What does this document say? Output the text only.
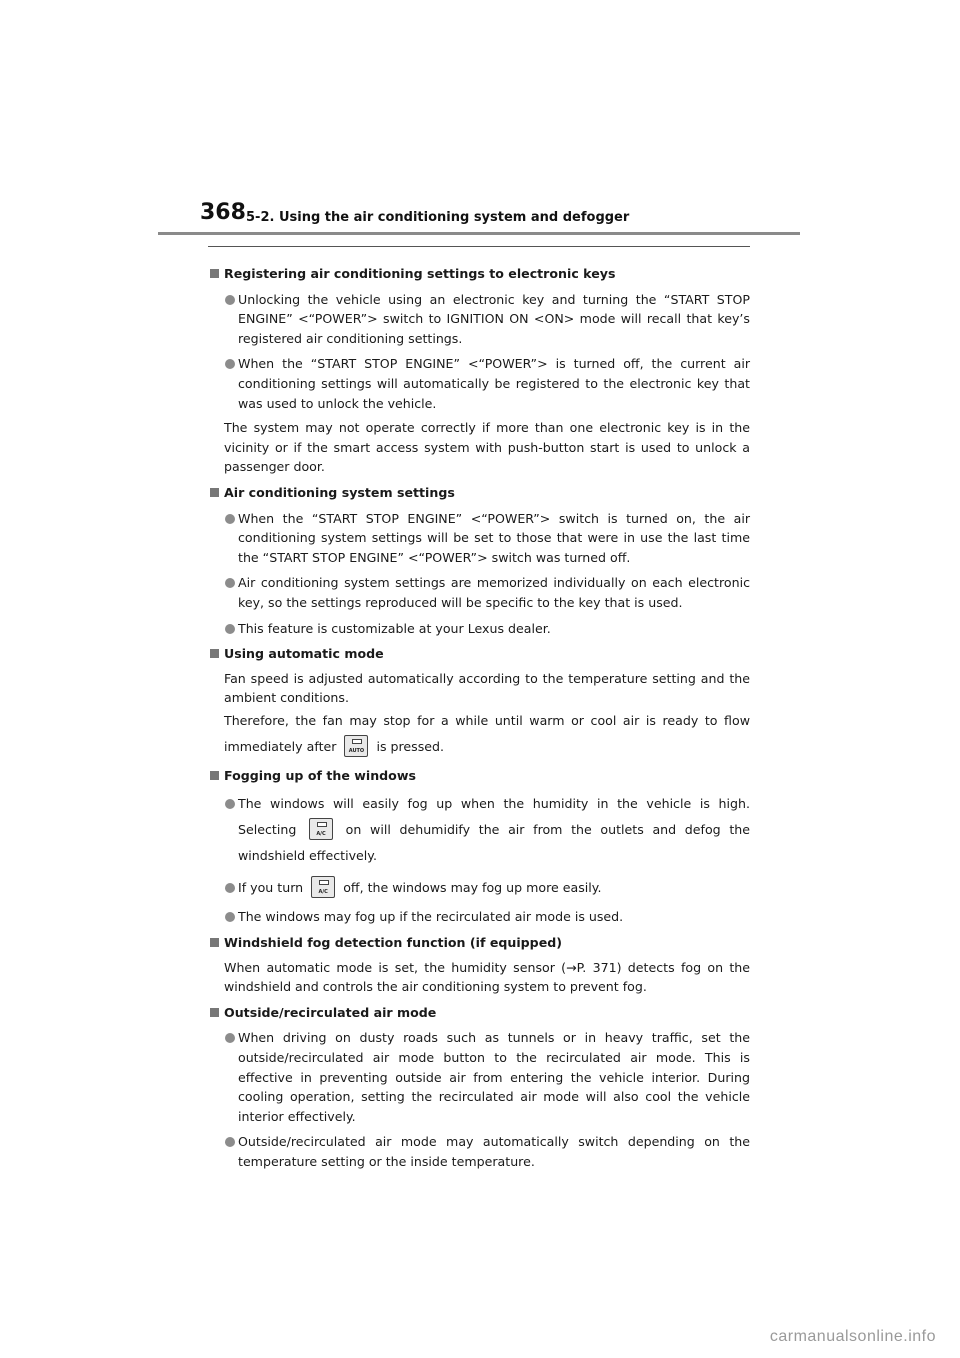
368 5-2. Using the air conditioning system and defogger
Registering air conditioning settings to electronic keys
Unlocking the vehicle using an electronic key and turning the “START STOP ENGINE” <“POWER”> switch to IGNITION ON <ON> mode will recall that key’s registered air conditioning settings.
When the “START STOP ENGINE” <“POWER”> is turned off, the current air conditioning settings will automatically be registered to the electronic key that was used to unlock the vehicle.
The system may not operate correctly if more than one electronic key is in the vicinity or if the smart access system with push-button start is used to unlock a passenger door.
Air conditioning system settings
When the “START STOP ENGINE” <“POWER”> switch is turned on, the air conditioning system settings will be set to those that were in use the last time the “START STOP ENGINE” <“POWER”> switch was turned off.
Air conditioning system settings are memorized individually on each electronic key, so the settings reproduced will be specific to the key that is used.
This feature is customizable at your Lexus dealer.
Using automatic mode
Fan speed is adjusted automatically according to the temperature setting and the ambient conditions.
Therefore, the fan may stop for a while until warm or cool air is ready to flow immediately after	AUTO is pressed.
Fogging up of the windows
The windows will easily fog up when the humidity in the vehicle is high. Selecting	A/C	on will dehumidify the air from the outlets and defog the windshield effectively.
If you turn	A/C	off, the windows may fog up more easily.
The windows may fog up if the recirculated air mode is used.
Windshield fog detection function (if equipped)
When automatic mode is set, the humidity sensor (→P. 371) detects fog on the windshield and controls the air conditioning system to prevent fog.
Outside/recirculated air mode
When driving on dusty roads such as tunnels or in heavy traffic, set the outside/recirculated air mode button to the recirculated air mode. This is effective in preventing outside air from entering the vehicle interior. During cooling operation, setting the recirculated air mode will also cool the vehicle interior effectively.
Outside/recirculated air mode may automatically switch depending on the temperature setting or the inside temperature.
carmanualsonline.info
